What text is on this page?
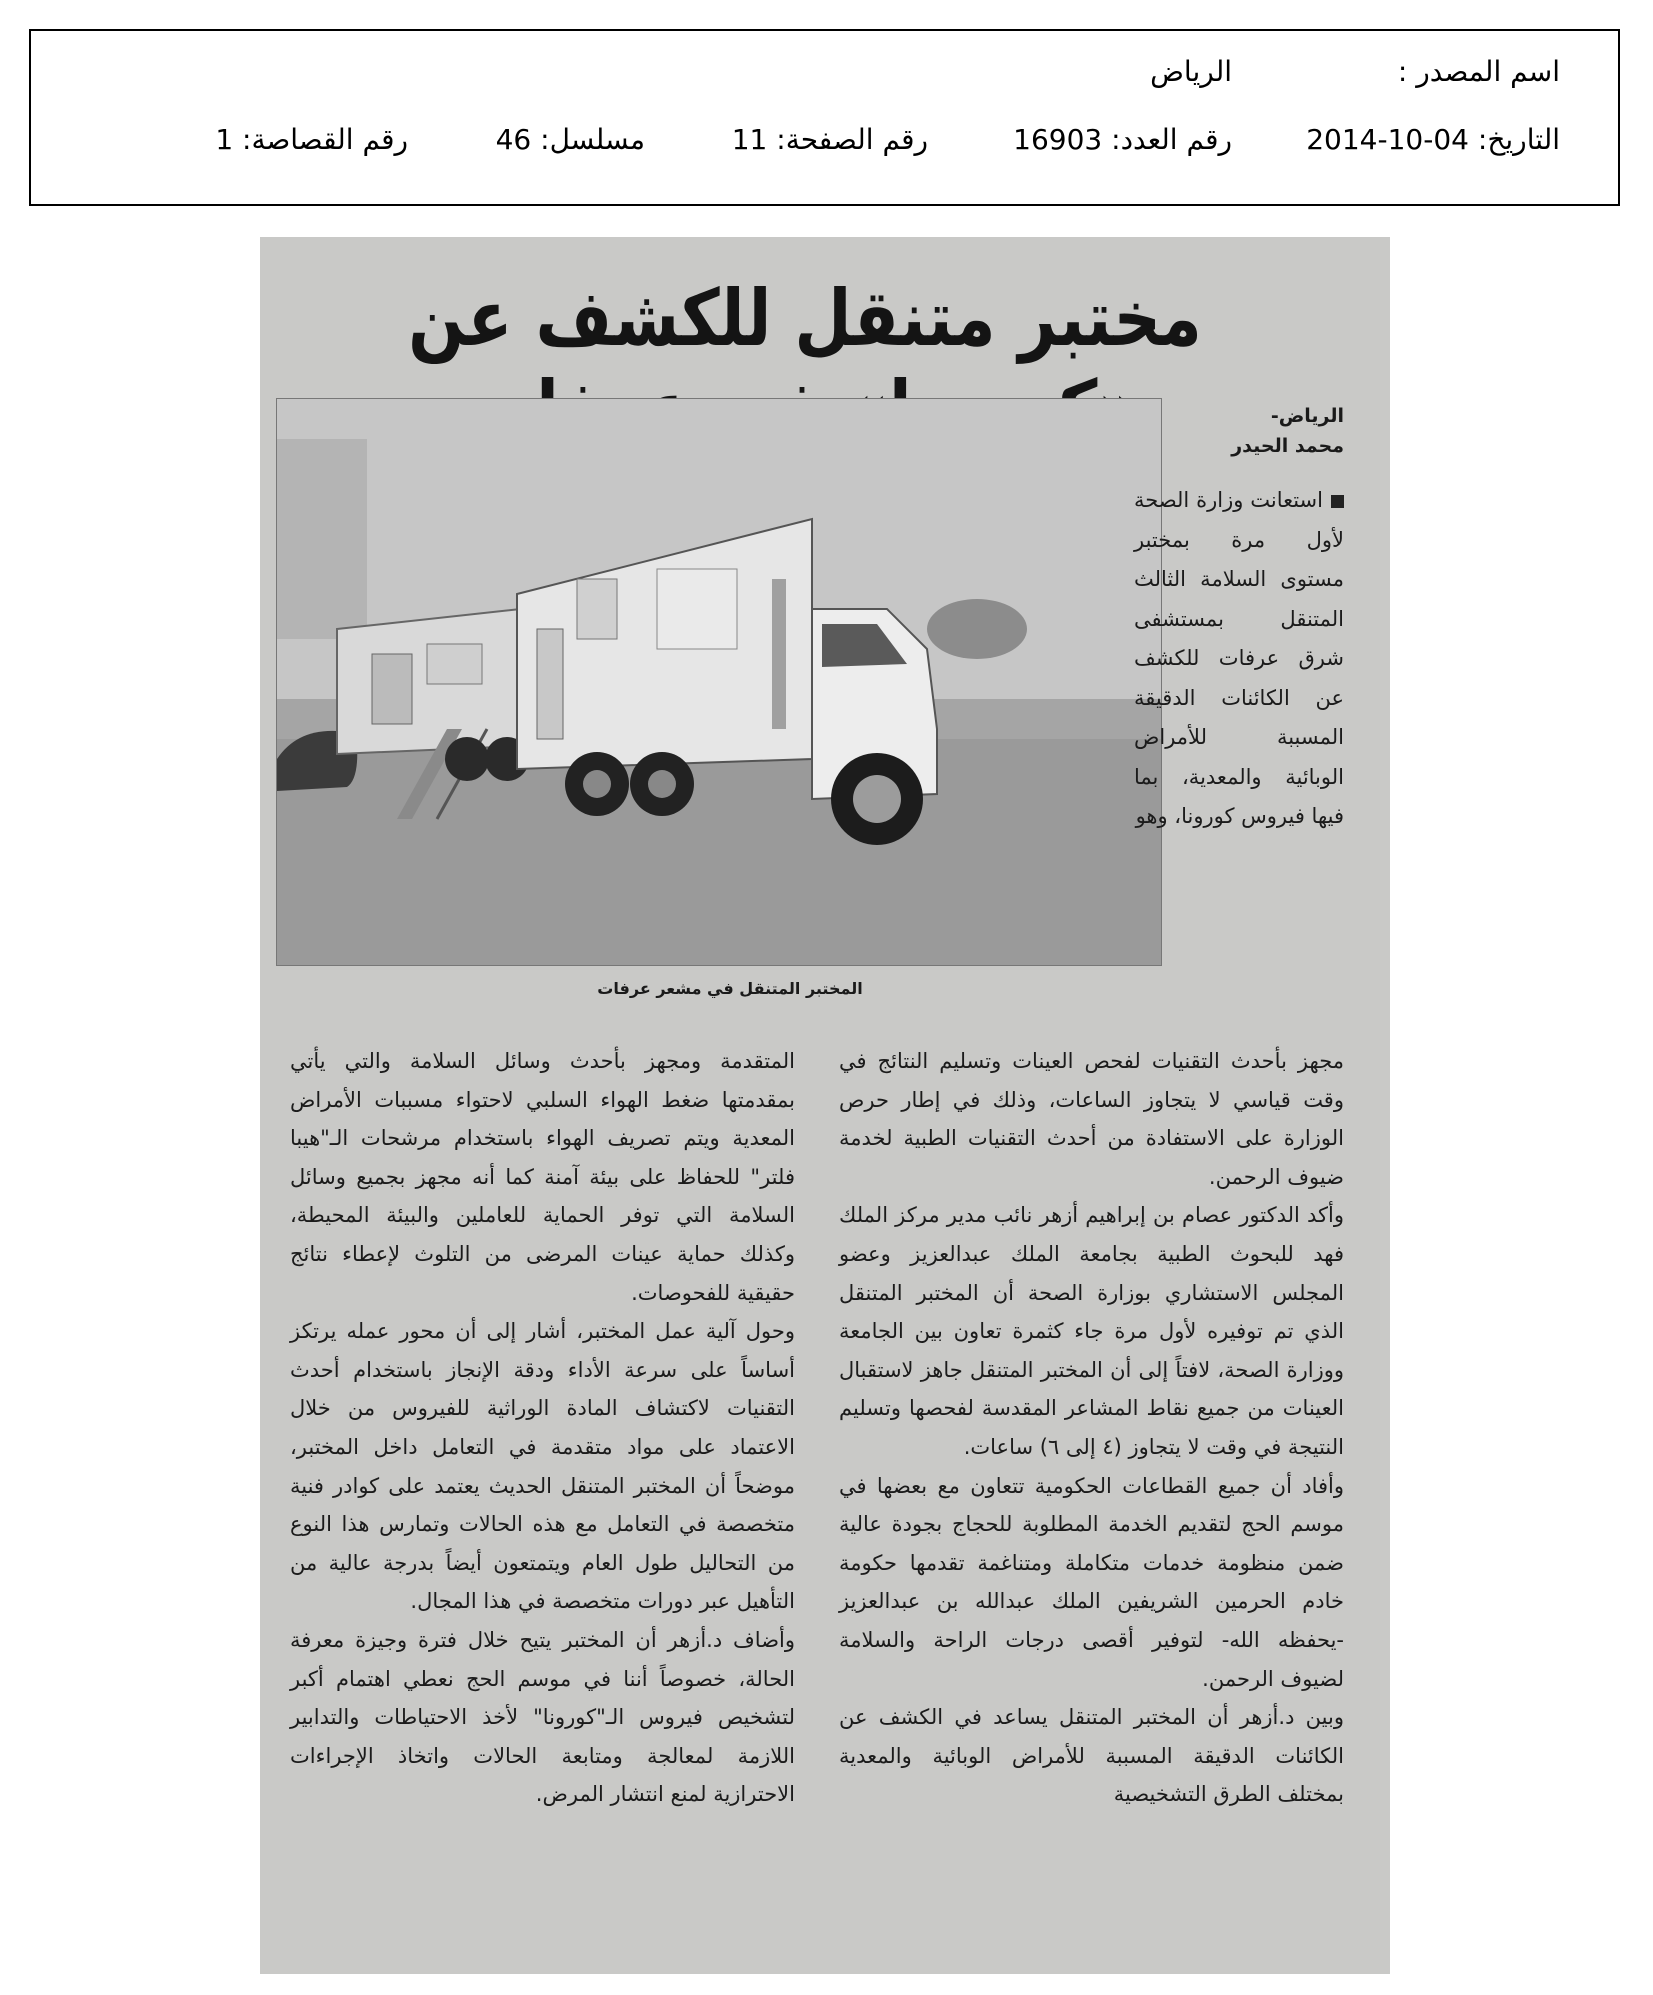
اسم المصدر :
الرياض
التاريخ: 04-10-2014
رقم العدد: 16903
رقم الصفحة: 11
مسلسل: 46
رقم القصاصة: 1
مختبر متنقل للكشف عن
المختبر المتنقل في مشعر عرفات
الرياض-
محمد الحيدر

استعانت وزارة الصحة لأول مرة بمختبر مستوى السلامة الثالث المتنقل بمستشفى شرق عرفات للكشف عن الكائنات الدقيقة المسببة للأمراض الوبائية والمعدية، بما فيها فيروس كورونا، وهو

مجهز بأحدث التقنيات لفحص العينات وتسليم النتائج في وقت قياسي لا يتجاوز الساعات، وذلك في إطار حرص الوزارة على الاستفادة من أحدث التقنيات الطبية لخدمة ضيوف الرحمن.

وأكد الدكتور عصام بن إبراهيم أزهر نائب مدير مركز الملك فهد للبحوث الطبية بجامعة الملك عبدالعزيز وعضو المجلس الاستشاري بوزارة الصحة أن المختبر المتنقل الذي تم توفيره لأول مرة جاء كثمرة تعاون بين الجامعة ووزارة الصحة، لافتاً إلى أن المختبر المتنقل جاهز لاستقبال العينات من جميع نقاط المشاعر المقدسة لفحصها وتسليم النتيجة في وقت لا يتجاوز (٤ إلى ٦) ساعات.

وأفاد أن جميع القطاعات الحكومية تتعاون مع بعضها في موسم الحج لتقديم الخدمة المطلوبة للحجاج بجودة عالية ضمن منظومة خدمات متكاملة ومتناغمة تقدمها حكومة خادم الحرمين الشريفين الملك عبدالله بن عبدالعزيز -يحفظه الله- لتوفير أقصى درجات الراحة والسلامة لضيوف الرحمن.

وبين د.أزهر أن المختبر المتنقل يساعد في الكشف عن الكائنات الدقيقة المسببة للأمراض الوبائية والمعدية بمختلف الطرق التشخيصية

المتقدمة ومجهز بأحدث وسائل السلامة والتي يأتي بمقدمتها ضغط الهواء السلبي لاحتواء مسببات الأمراض المعدية ويتم تصريف الهواء باستخدام مرشحات الـ"هيبا فلتر" للحفاظ على بيئة آمنة كما أنه مجهز بجميع وسائل السلامة التي توفر الحماية للعاملين والبيئة المحيطة، وكذلك حماية عينات المرضى من التلوث لإعطاء نتائج حقيقية للفحوصات.

وحول آلية عمل المختبر، أشار إلى أن محور عمله يرتكز أساساً على سرعة الأداء ودقة الإنجاز باستخدام أحدث التقنيات لاكتشاف المادة الوراثية للفيروس من خلال الاعتماد على مواد متقدمة في التعامل داخل المختبر، موضحاً أن المختبر المتنقل الحديث يعتمد على كوادر فنية متخصصة في التعامل مع هذه الحالات وتمارس هذا النوع من التحاليل طول العام ويتمتعون أيضاً بدرجة عالية من التأهيل عبر دورات متخصصة في هذا المجال.

وأضاف د.أزهر أن المختبر يتيح خلال فترة وجيزة معرفة الحالة، خصوصاً أننا في موسم الحج نعطي اهتمام أكبر لتشخيص فيروس الـ"كورونا" لأخذ الاحتياطات والتدابير اللازمة لمعالجة ومتابعة الحالات واتخاذ الإجراءات الاحترازية لمنع انتشار المرض.
